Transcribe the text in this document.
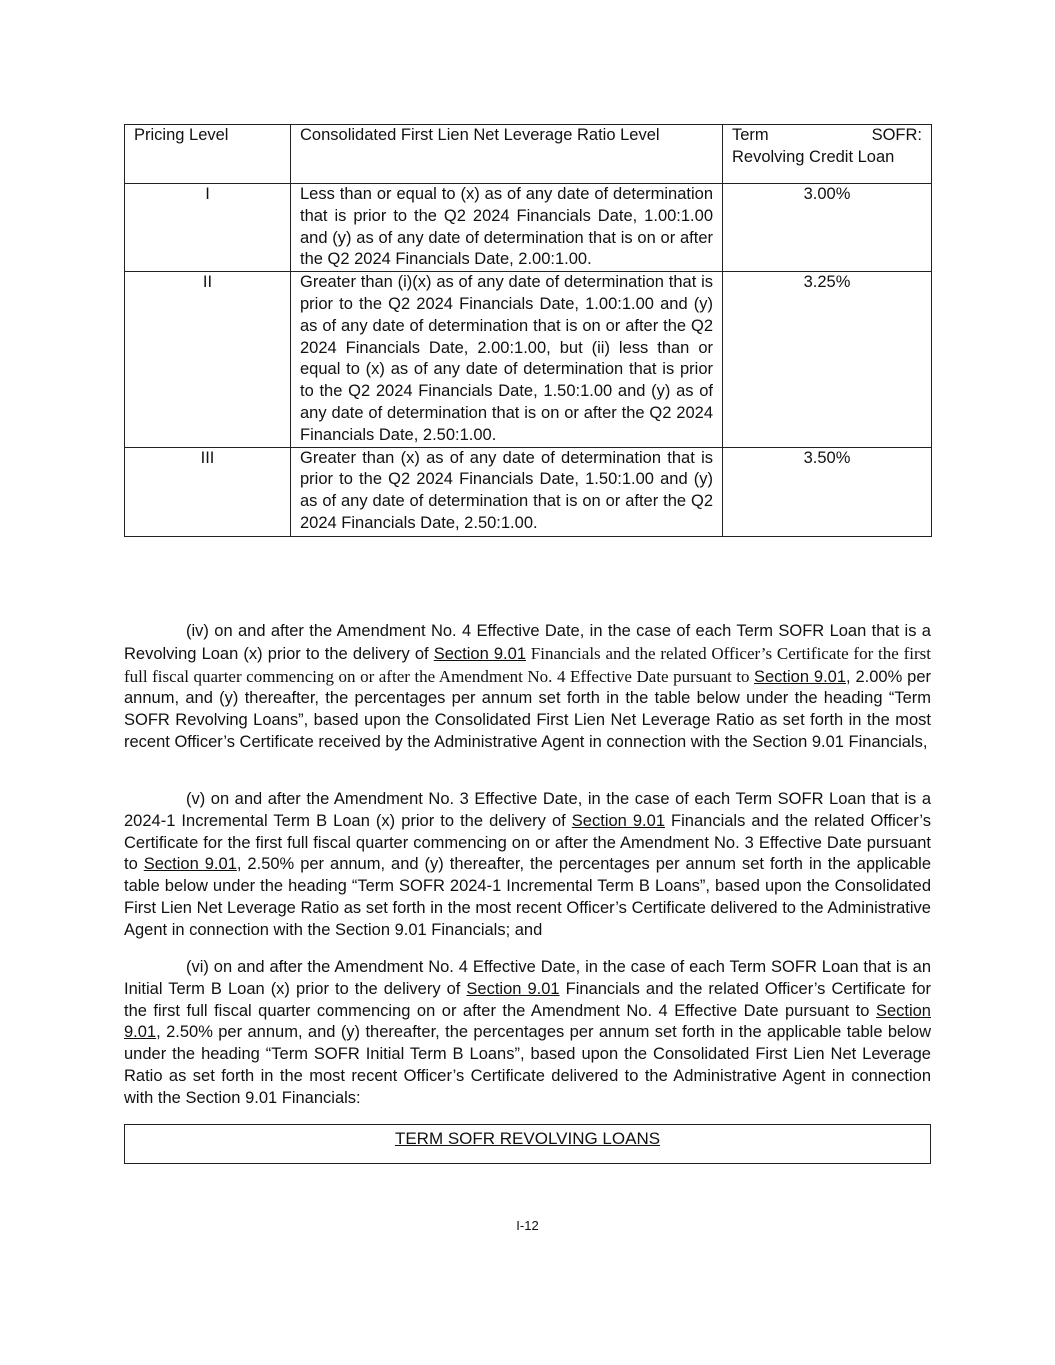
Pricing Level	Consolidated First Lien Net Leverage Ratio Level	Term SOFR:
Revolving Credit Loan

I	Less than or equal to (x) as of any date of determination that is prior to the Q2 2024 Financials Date, 1.00:1.00 and (y) as of any date of determination that is on or after the Q2 2024 Financials Date, 2.00:1.00.	3.00%
II	Greater than (i)(x) as of any date of determination that is prior to the Q2 2024 Financials Date, 1.00:1.00 and (y) as of any date of determination that is on or after the Q2 2024 Financials Date, 2.00:1.00, but (ii) less than or equal to (x) as of any date of determination that is prior to the Q2 2024 Financials Date, 1.50:1.00 and (y) as of any date of determination that is on or after the Q2 2024 Financials Date, 2.50:1.00.	3.25%
III	Greater than (x) as of any date of determination that is prior to the Q2 2024 Financials Date, 1.50:1.00 and (y) as of any date of determination that is on or after the Q2 2024 Financials Date, 2.50:1.00.	3.50%

(iv) on and after the Amendment No. 4 Effective Date, in the case of each Term SOFR Loan that is a Revolving Loan (x) prior to the delivery of Section 9.01 Financials and the related Officer’s Certificate for the first full fiscal quarter commencing on or after the Amendment No. 4 Effective Date pursuant to Section 9.01, 2.00% per annum, and (y) thereafter, the percentages per annum set forth in the table below under the heading “Term SOFR Revolving Loans”, based upon the Consolidated First Lien Net Leverage Ratio as set forth in the most recent Officer’s Certificate received by the Administrative Agent in connection with the Section 9.01 Financials,

(v) on and after the Amendment No. 3 Effective Date, in the case of each Term SOFR Loan that is a 2024-1 Incremental Term B Loan (x) prior to the delivery of Section 9.01 Financials and the related Officer’s Certificate for the first full fiscal quarter commencing on or after the Amendment No. 3 Effective Date pursuant to Section 9.01, 2.50% per annum, and (y) thereafter, the percentages per annum set forth in the applicable table below under the heading “Term SOFR 2024-1 Incremental Term B Loans”, based upon the Consolidated First Lien Net Leverage Ratio as set forth in the most recent Officer’s Certificate delivered to the Administrative Agent in connection with the Section 9.01 Financials; and

(vi) on and after the Amendment No. 4 Effective Date, in the case of each Term SOFR Loan that is an Initial Term B Loan (x) prior to the delivery of Section 9.01 Financials and the related Officer’s Certificate for the first full fiscal quarter commencing on or after the Amendment No. 4 Effective Date pursuant to Section 9.01, 2.50% per annum, and (y) thereafter, the percentages per annum set forth in the applicable table below under the heading “Term SOFR Initial Term B Loans”, based upon the Consolidated First Lien Net Leverage Ratio as set forth in the most recent Officer’s Certificate delivered to the Administrative Agent in connection with the Section 9.01 Financials:

TERM SOFR REVOLVING LOANS
I-12
